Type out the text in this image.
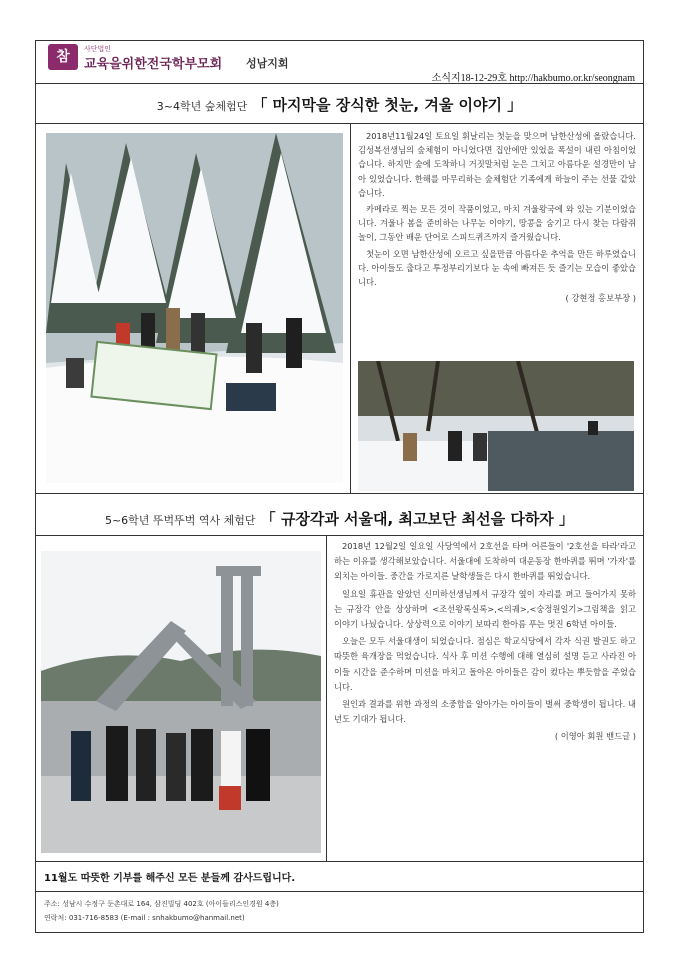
참	사단법인
교육을위한전국학부모회 성남지회
소식지18-12-29호 http://hakbumo.or.kr/seongnam
3~4학년 숲체험단 「 마지막을 장식한 첫눈, 겨울 이야기 」

2018년11월24일 토요일 휘날리는 첫눈을 맞으며 남한산성에 올랐습니다. 김성복선생님의 숲체험이 아니었다면 집안에만 있었을 폭설이 내린 아침이었습니다. 하지만 숲에 도착하니 거짓말처럼 눈은 그치고 아름다운 설경만이 남아 있었습니다. 한해를 마무리하는 숲체험단 기족에게 하늘이 주는 선물 같았습니다.

카메라로 찍는 모든 것이 작품이었고, 마치 겨울왕국에 와 있는 기분이었습니다. 겨울나 봄을 준비하는 나무눈 이야기, 땅콩을 숨기고 다시 찾는 다람쥐놀이, 그동안 배운 단어로 스피드퀴즈까지 즐거웠습니다.

첫눈이 오면 남한산성에 오르고 싶을만큼 아름다운 추억을 만든 하루였습니다. 아이들도 춥다고 투정부리기보다 눈 속에 빠져든 듯 즐기는 모습이 좋았습니다.

( 강현정 홍보부장 )
5~6학년 뚜벅뚜벅 역사 체험단 「 규장각과 서울대, 최고보단 최선을 다하자 」

2018년 12월2일 일요일 사당역에서 2호선을 타며 어른들이 '2호선을 타라'라고 하는 이유를 생각해보았습니다. 서울대에 도착하여 대운동장 한바퀴를 뛰며 '가자'를 외치는 아이들. 중간을 가로지른 날학생들은 다시 한바퀴를 뛰었습니다.

일요일 휴관을 알았던 신미하선생님께서 규장각 옆이 자리를 펴고 들어가지 못하는 규장각 안을 상상하며 <조선왕록실록>,<의궤>,<숭정원일기>그림책을 읽고 이야기 나눴습니다. 상상력으로 이야기 보따리 한아름 푸는 멋진 6학년 아이들.

오늘은 모두 서울대생이 되었습니다. 점심은 학교식당에서 각자 식권 발권도 하고 따뜻한 육개장을 먹었습니다. 식사 후 미션 수행에 대해 열심히 설명 듣고 사라진 아이들 시간을 준수하며 미션을 마치고 돌아온 아이들은 감이 컸다는 뿌듯함을 주었습니다.

원인과 결과를 위한 과정의 소중함을 알아가는 아이들이 벌써 중학생이 됩니다. 내년도 기대가 됩니다.

( 이영아 회원 밴드글 )
11월도 따뜻한 기부를 해주신 모든 분들께 감사드립니다.
주소: 성남시 수정구 둔촌대로 164, 삼진빌딩 402호 (아이들리스인경원 4층)
연락처: 031-716-8583 (E-mail : snhakbumo@hanmail.net)
